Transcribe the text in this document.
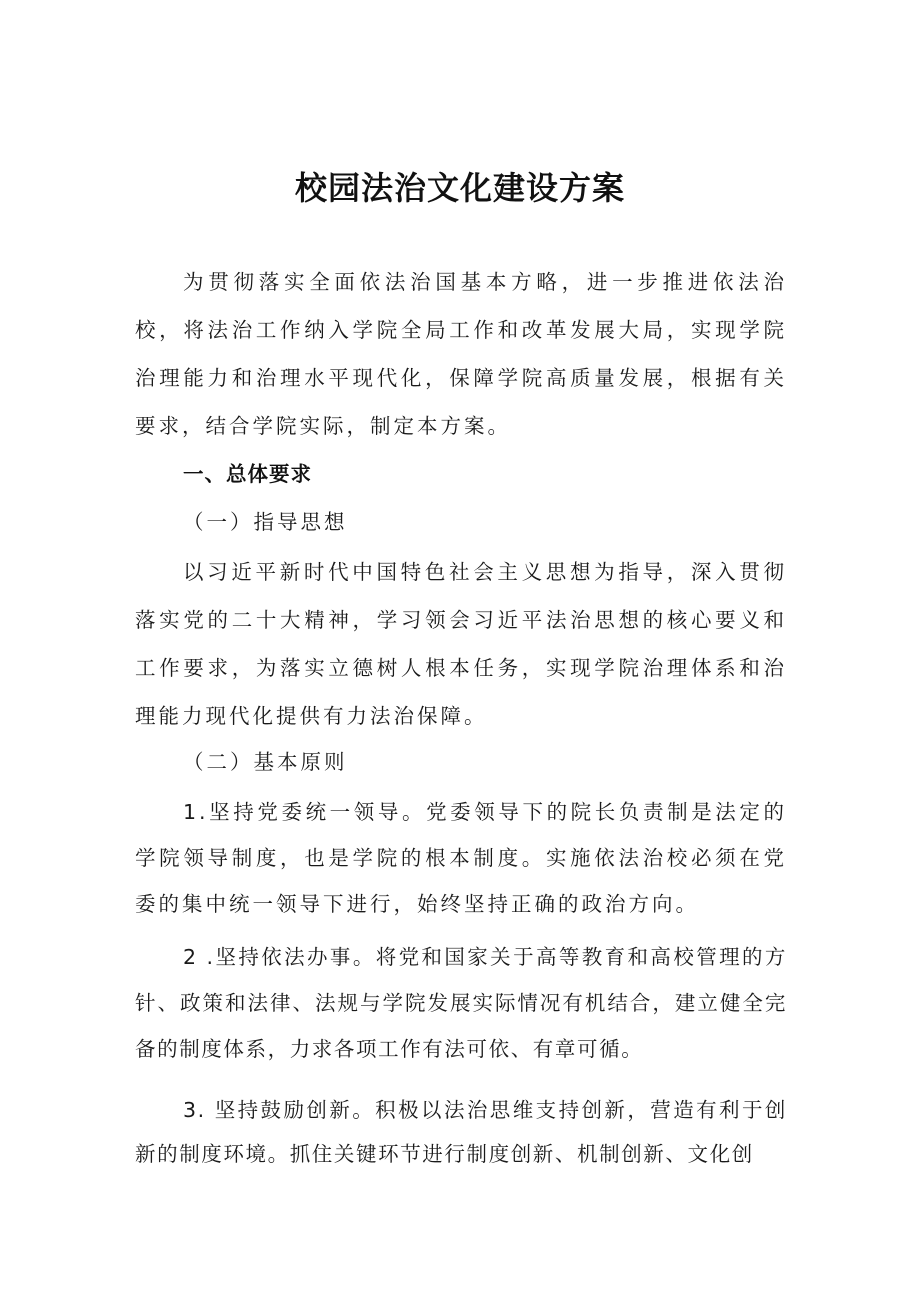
校园法治文化建设方案
为贯彻落实全面依法治国基本方略，进一步推进依法治校，将法治工作纳入学院全局工作和改革发展大局，实现学院治理能力和治理水平现代化，保障学院高质量发展，根据有关要求，结合学院实际，制定本方案。
一、总体要求
（一）指导思想
以习近平新时代中国特色社会主义思想为指导，深入贯彻落实党的二十大精神，学习领会习近平法治思想的核心要义和工作要求，为落实立德树人根本任务，实现学院治理体系和治理能力现代化提供有力法治保障。
（二）基本原则
1.坚持党委统一领导。党委领导下的院长负责制是法定的学院领导制度，也是学院的根本制度。实施依法治校必须在党委的集中统一领导下进行，始终坚持正确的政治方向。
2 .坚持依法办事。将党和国家关于高等教育和高校管理的方针、政策和法律、法规与学院发展实际情况有机结合，建立健全完备的制度体系，力求各项工作有法可依、有章可循。
3. 坚持鼓励创新。积极以法治思维支持创新，营造有利于创新的制度环境。抓住关键环节进行制度创新、机制创新、文化创
